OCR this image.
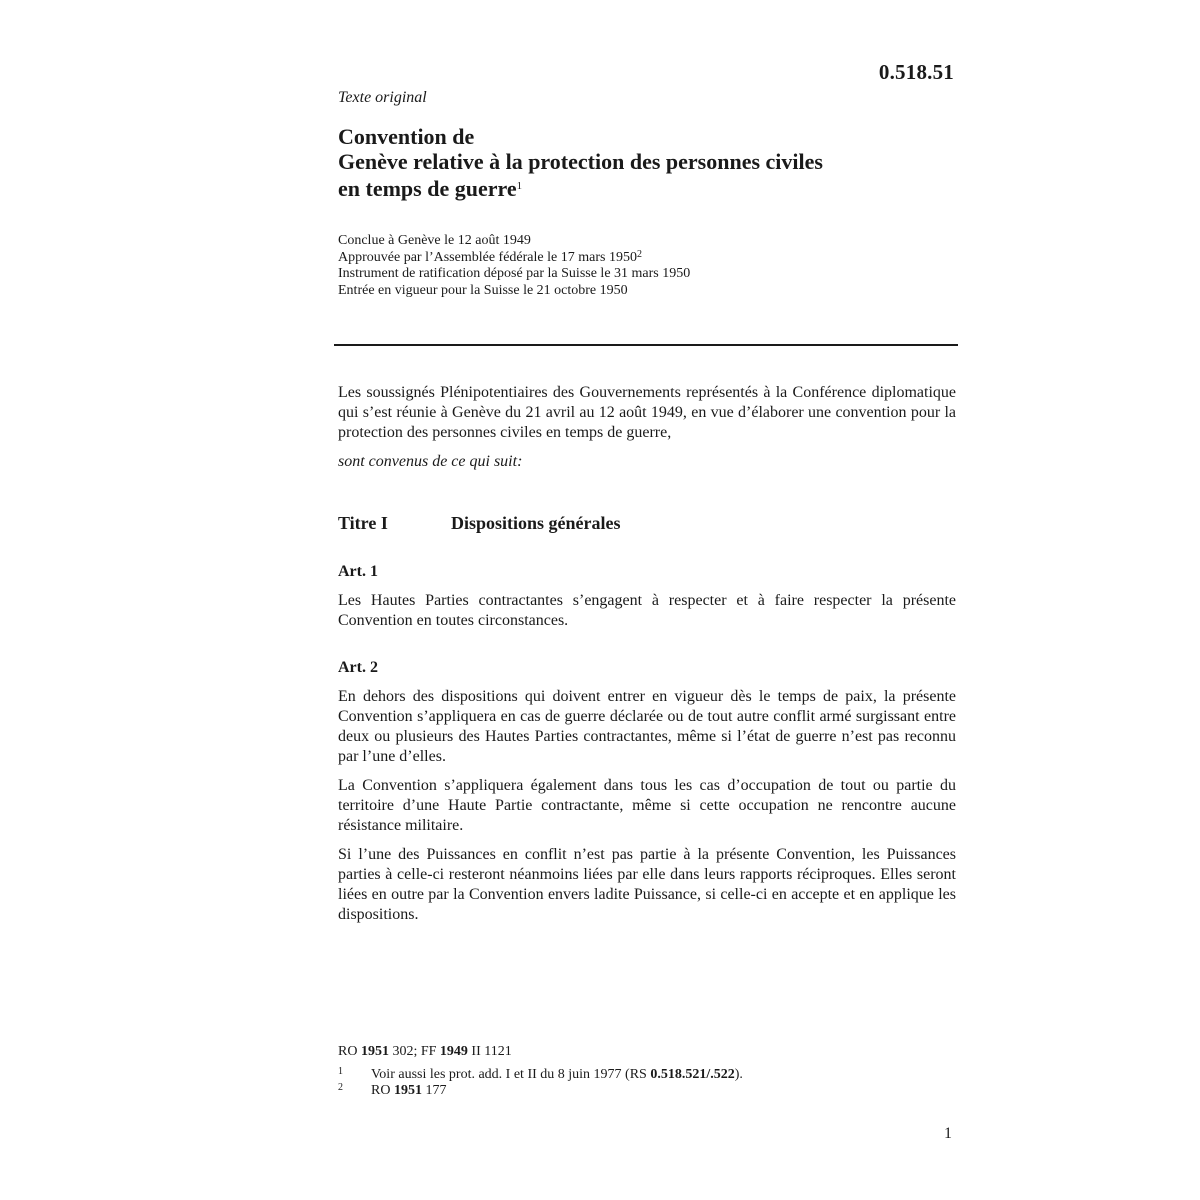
0.518.51
Texte original
Convention de
Genève relative à la protection des personnes civiles
en temps de guerre$^1$
Conclue à Genève le 12 août 1949
Approuvée par l’Assemblée fédérale le 17 mars 1950$^2$
Instrument de ratification déposé par la Suisse le 31 mars 1950
Entrée en vigueur pour la Suisse le 21 octobre 1950

Les soussignés Plénipotentiaires des Gouvernements représentés à la Conférence diplomatique qui s’est réunie à Genève du 21 avril au 12 août 1949, en vue d’élaborer une convention pour la protection des personnes civiles en temps de guerre,

sont convenus de ce qui suit:

Titre I	Dispositions générales
Art. 1

Les Hautes Parties contractantes s’engagent à respecter et à faire respecter la présente Convention en toutes circonstances.

Art. 2

En dehors des dispositions qui doivent entrer en vigueur dès le temps de paix, la présente Convention s’appliquera en cas de guerre déclarée ou de tout autre conflit armé surgissant entre deux ou plusieurs des Hautes Parties contractantes, même si l’état de guerre n’est pas reconnu par l’une d’elles.

La Convention s’appliquera également dans tous les cas d’occupation de tout ou partie du territoire d’une Haute Partie contractante, même si cette occupation ne rencontre aucune résistance militaire.

Si l’une des Puissances en conflit n’est pas partie à la présente Convention, les Puissances parties à celle-ci resteront néanmoins liées par elle dans leurs rapports réciproques. Elles seront liées en outre par la Convention envers ladite Puissance, si celle-ci en accepte et en applique les dispositions.

RO 1951 302; FF 1949 II 1121
1 Voir aussi les prot. add. I et II du 8 juin 1977 (RS 0.518.521/.522).
2 RO 1951 177
1
